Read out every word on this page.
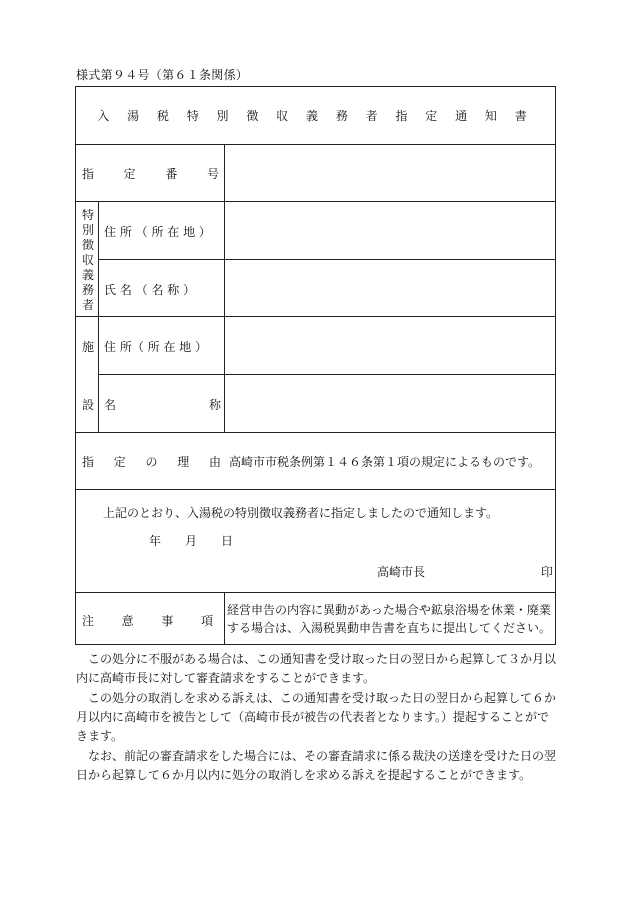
様式第９４号（第６１条関係）
入 湯 税 特 別 徴 収 義 務 者 指 定 通 知 書
指 定 番 号
特
別
徴
収
義
務
者
住 所 （ 所 在 地 ）
氏 名 （ 名 称 ）
施
設
住 所（ 所 在 地 ）
名	称
指 定 の 理 由 高崎市市税条例第１４６条第１項の規定によるものです。
上記のとおり、入湯税の特別徴収義務者に指定しましたので通知します。
年 月 日
高崎市長	印
注 意 事 項
経営申告の内容に異動があった場合や鉱泉浴場を休業・廃業
する場合は、入湯税異動申告書を直ちに提出してください。
この処分に不服がある場合は、この通知書を受け取った日の翌日から起算して３か月以
内に高崎市長に対して審査請求をすることができます。
この処分の取消しを求める訴えは、この通知書を受け取った日の翌日から起算して６か
月以内に高崎市を被告として（高崎市長が被告の代表者となります。）提起することがで
きます。
なお、前記の審査請求をした場合には、その審査請求に係る裁決の送達を受けた日の翌
日から起算して６か月以内に処分の取消しを求める訴えを提起することができます。
